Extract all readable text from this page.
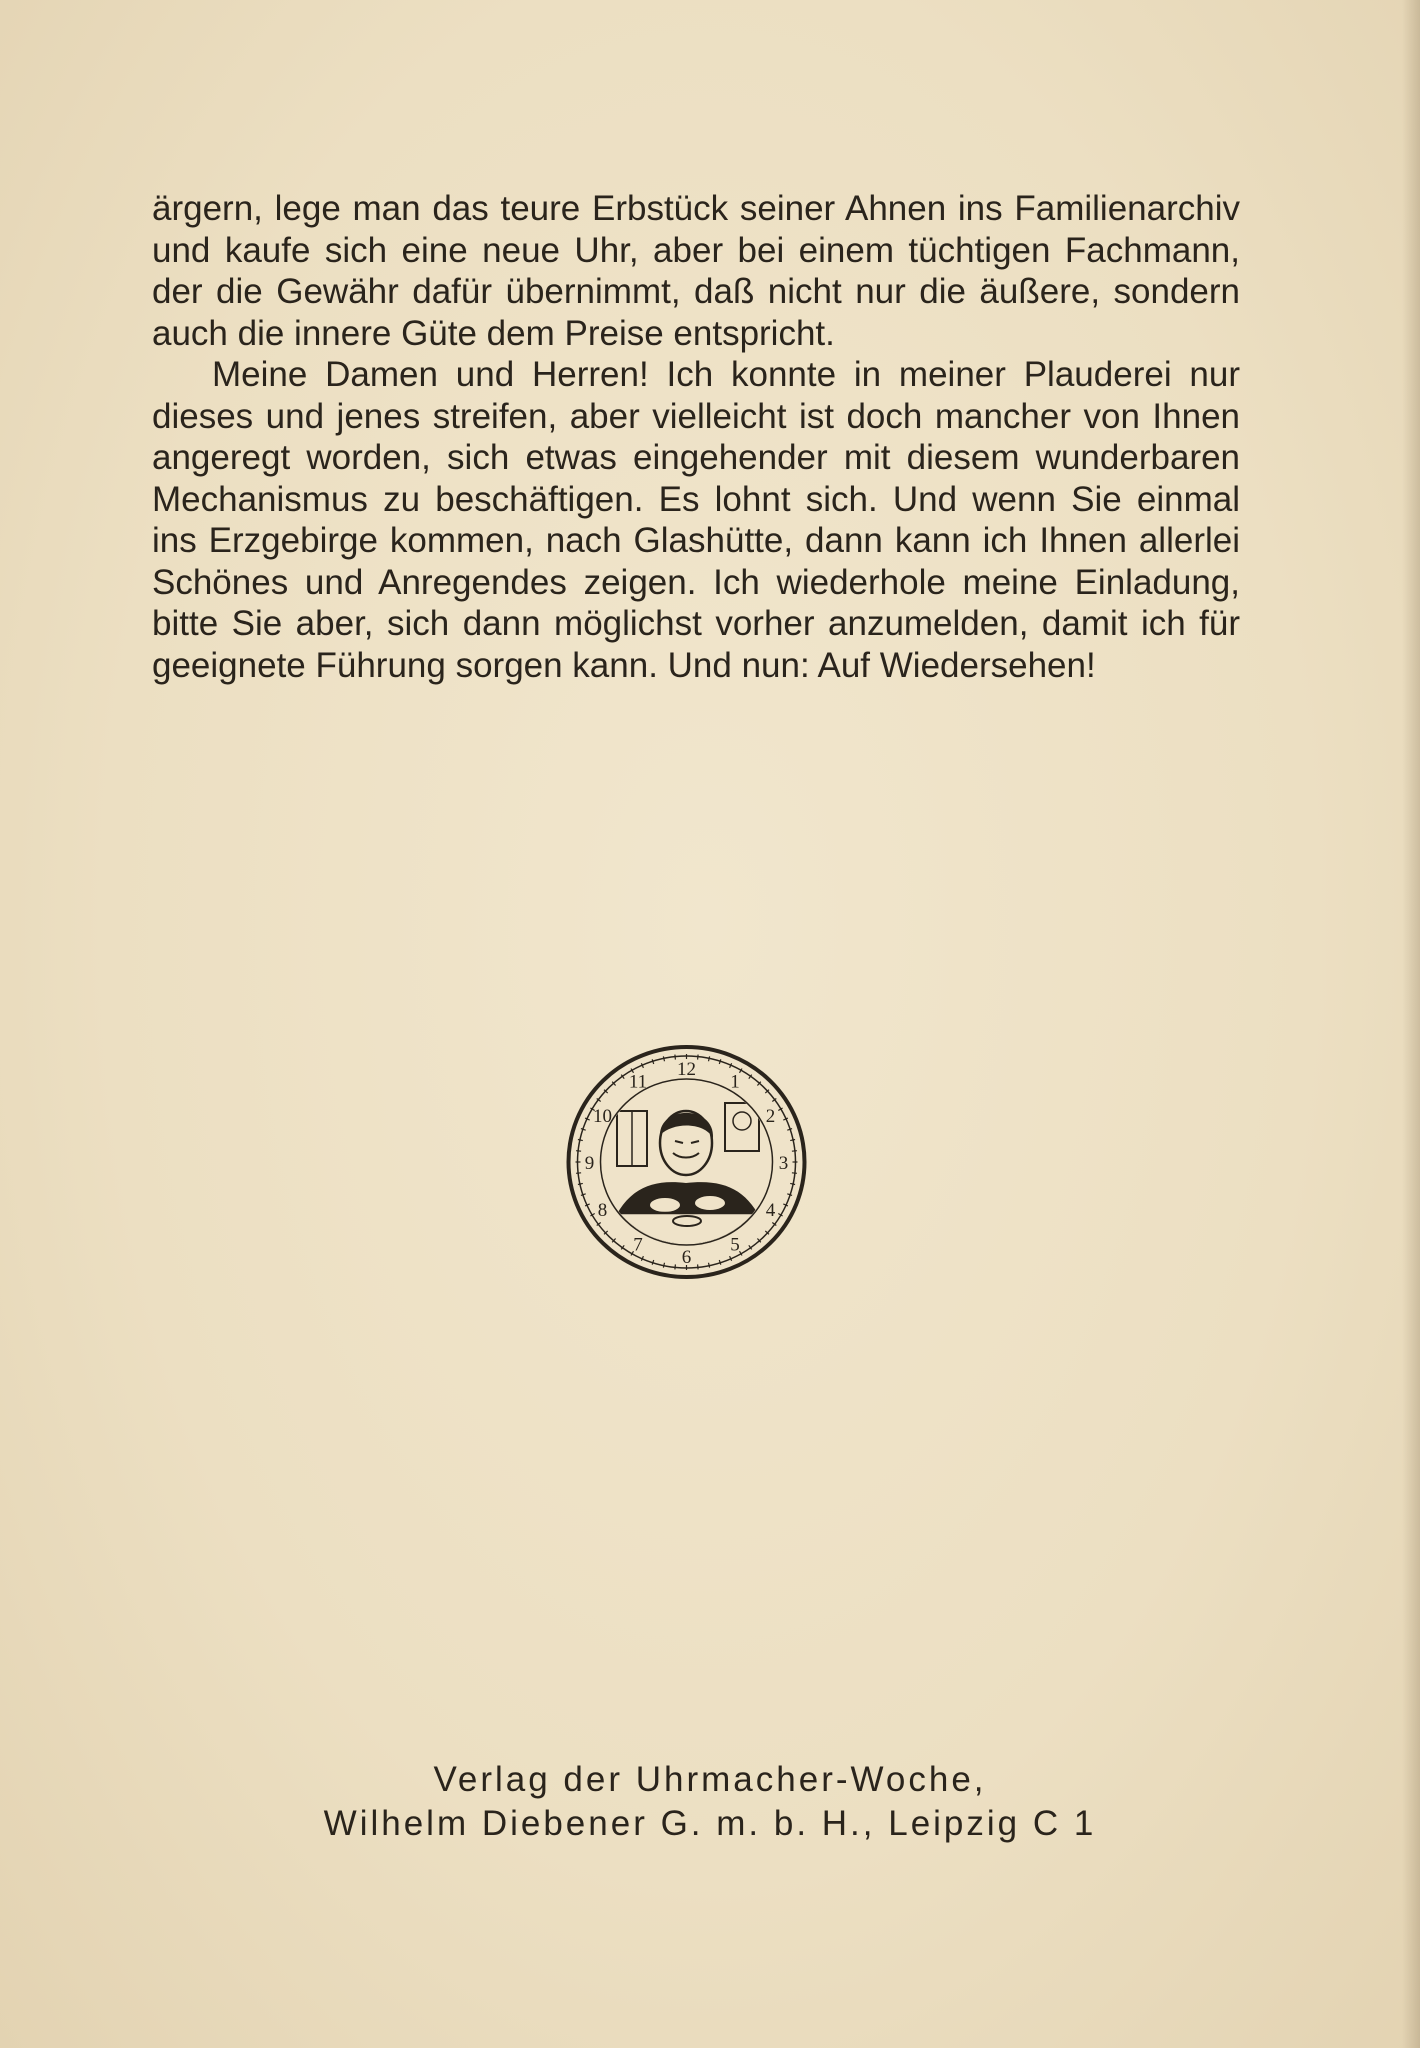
ärgern, lege man das teure Erbstück seiner Ahnen ins Familienarchiv und kaufe sich eine neue Uhr, aber bei einem tüchtigen Fachmann, der die Gewähr dafür übernimmt, daß nicht nur die äußere, sondern auch die innere Güte dem Preise entspricht.

Meine Damen und Herren! Ich konnte in meiner Plauderei nur dieses und jenes streifen, aber vielleicht ist doch mancher von Ihnen angeregt worden, sich etwas eingehender mit diesem wunderbaren Mechanismus zu beschäftigen. Es lohnt sich. Und wenn Sie einmal ins Erzgebirge kommen, nach Glashütte, dann kann ich Ihnen allerlei Schönes und Anregendes zeigen. Ich wiederhole meine Einladung, bitte Sie aber, sich dann möglichst vorher anzumelden, damit ich für geeignete Führung sorgen kann. Und nun: Auf Wiedersehen!

12
1
2
3
4
5
6
7
8
9
10
11
Verlag der Uhrmacher-Woche,
Wilhelm Diebener G. m. b. H., Leipzig C 1
